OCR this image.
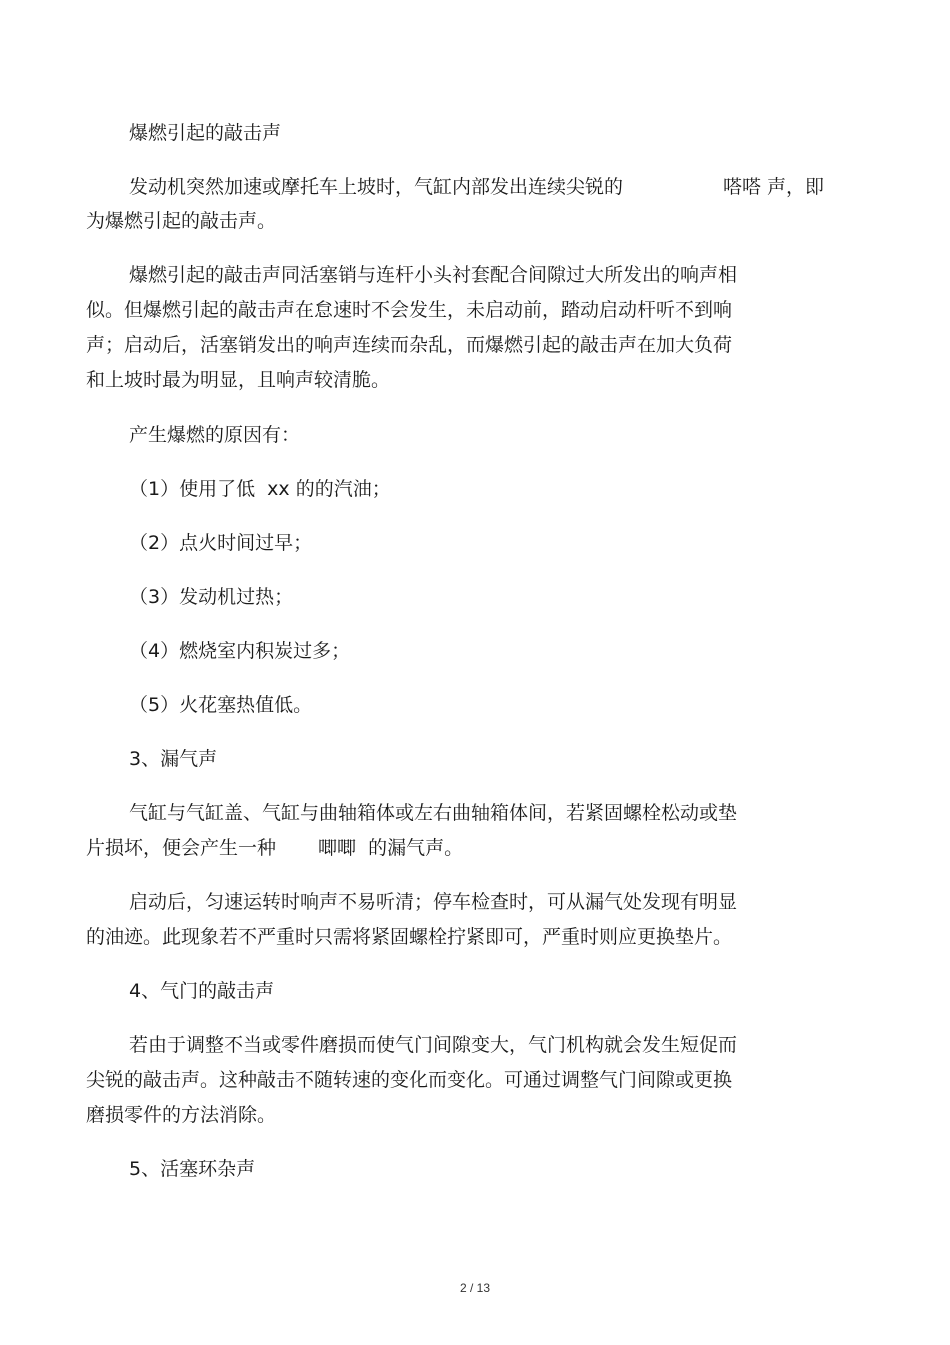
爆燃引起的敲击声
发动机突然加速或摩托车上坡时，气缸内部发出连续尖锐的	嗒嗒 声，即
为爆燃引起的敲击声。
爆燃引起的敲击声同活塞销与连杆小头衬套配合间隙过大所发出的响声相
似。但爆燃引起的敲击声在怠速时不会发生，未启动前，踏动启动杆听不到响
声；启动后，活塞销发出的响声连续而杂乱，而爆燃引起的敲击声在加大负荷
和上坡时最为明显，且响声较清脆。
产生爆燃的原因有：
（1）使用了低  xx 的的汽油；
（2）点火时间过早；
（3）发动机过热；
（4）燃烧室内积炭过多；
（5）火花塞热值低。
3、漏气声
气缸与气缸盖、气缸与曲轴箱体或左右曲轴箱体间，若紧固螺栓松动或垫
片损坏，便会产生一种 唧唧  的漏气声。
启动后，匀速运转时响声不易听清；停车检查时，可从漏气处发现有明显
的油迹。此现象若不严重时只需将紧固螺栓拧紧即可，严重时则应更换垫片。
4、气门的敲击声
若由于调整不当或零件磨损而使气门间隙变大，气门机构就会发生短促而
尖锐的敲击声。这种敲击不随转速的变化而变化。可通过调整气门间隙或更换
磨损零件的方法消除。
5、活塞环杂声
2 / 13
